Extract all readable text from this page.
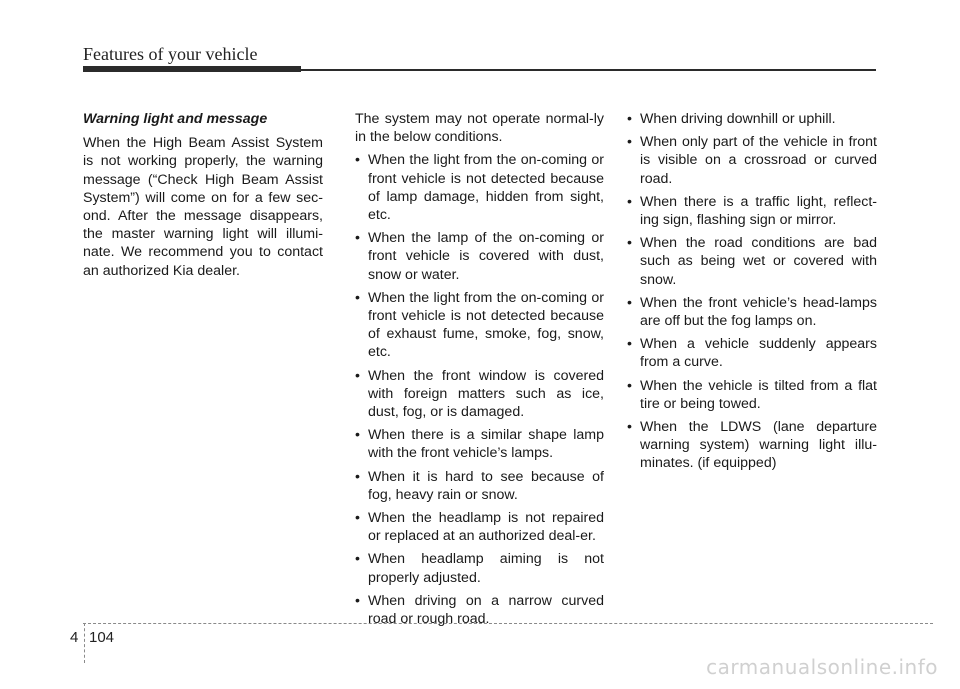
Features of your vehicle

Warning light and message

When the High Beam Assist System is not working properly, the warning message (“Check High Beam Assist System”) will come on for a few sec-ond. After the message disappears, the master warning light will illumi-nate. We recommend you to contact an authorized Kia dealer.

The system may not operate normal-ly in the below conditions.

• When the light from the on-coming or front vehicle is not detected because of lamp damage, hidden from sight, etc.
• When the lamp of the on-coming or front vehicle is covered with dust, snow or water.
• When the light from the on-coming or front vehicle is not detected because of exhaust fume, smoke, fog, snow, etc.
• When the front window is covered with foreign matters such as ice, dust, fog, or is damaged.
• When there is a similar shape lamp with the front vehicle’s lamps.
• When it is hard to see because of fog, heavy rain or snow.
• When the headlamp is not repaired or replaced at an authorized deal-er.
• When headlamp aiming is not properly adjusted.
• When driving on a narrow curved road or rough road.
• When driving downhill or uphill.
• When only part of the vehicle in front is visible on a crossroad or curved road.
• When there is a traffic light, reflect-ing sign, flashing sign or mirror.
• When the road conditions are bad such as being wet or covered with snow.
• When the front vehicle’s head-lamps are off but the fog lamps on.
• When a vehicle suddenly appears from a curve.
• When the vehicle is tilted from a flat tire or being towed.
• When the LDWS (lane departure warning system) warning light illu-minates. (if equipped)
4 104
carmanualsonline.info
